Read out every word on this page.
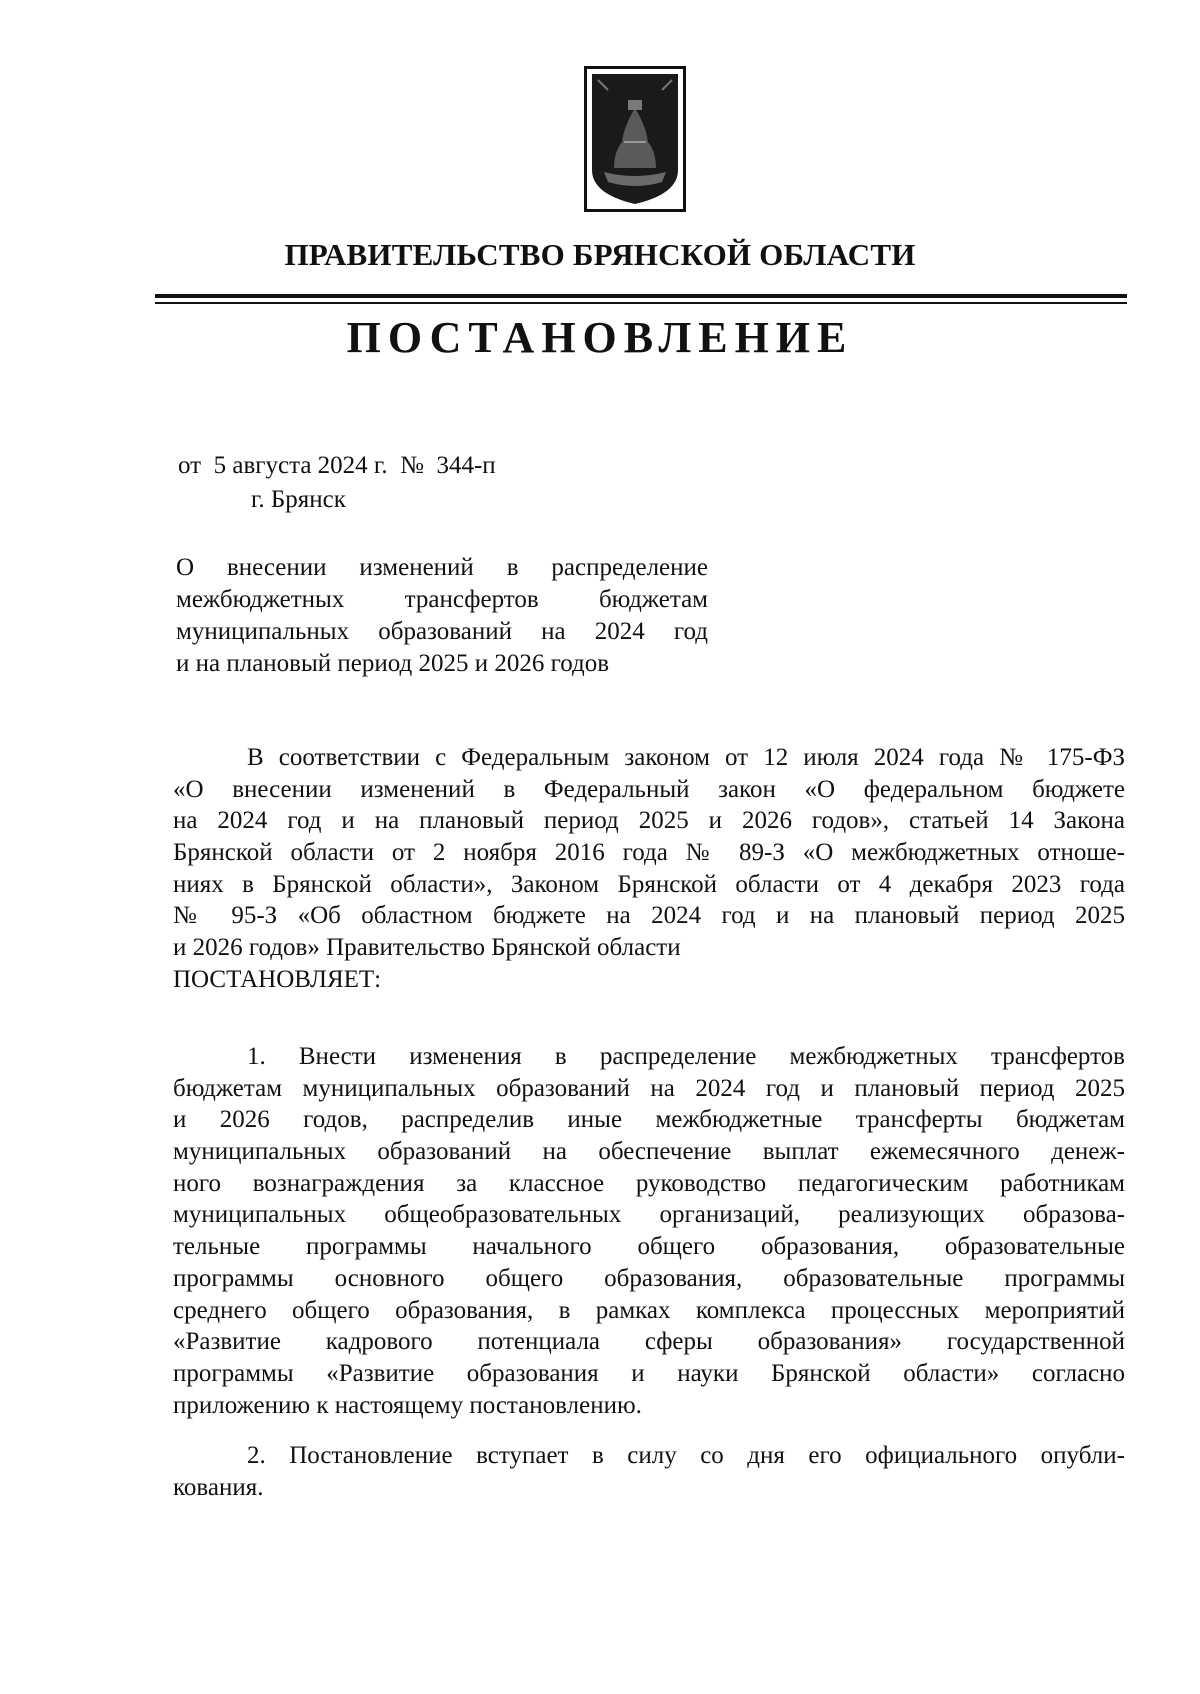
ПРАВИТЕЛЬСТВО БРЯНСКОЙ ОБЛАСТИ
ПОСТАНОВЛЕНИЕ
от  5 августа 2024 г.  №  344-п
г. Брянск
О внесении изменений в распределение
межбюджетных трансфертов бюджетам
муниципальных образований на 2024 год
и на плановый период 2025 и 2026 годов
В соответствии с Федеральным законом от 12 июля 2024 года № 175-ФЗ
«О внесении изменений в Федеральный закон «О федеральном бюджете
на 2024 год и на плановый период 2025 и 2026 годов», статьей 14 Закона
Брянской области от 2 ноября 2016 года № 89-З «О межбюджетных отноше-
ниях в Брянской области», Законом Брянской области от 4 декабря 2023 года
№ 95-З «Об областном бюджете на 2024 год и на плановый период 2025
и 2026 годов» Правительство Брянской области
ПОСТАНОВЛЯЕТ:
1. Внести изменения в распределение межбюджетных трансфертов
бюджетам муниципальных образований на 2024 год и плановый период 2025
и 2026 годов, распределив иные межбюджетные трансферты бюджетам
муниципальных образований на обеспечение выплат ежемесячного денеж-
ного вознаграждения за классное руководство педагогическим работникам
муниципальных общеобразовательных организаций, реализующих образова-
тельные программы начального общего образования, образовательные
программы основного общего образования, образовательные программы
среднего общего образования, в рамках комплекса процессных мероприятий
«Развитие кадрового потенциала сферы образования» государственной
программы «Развитие образования и науки Брянской области» согласно
приложению к настоящему постановлению.
2. Постановление вступает в силу со дня его официального опубли-
кования.
